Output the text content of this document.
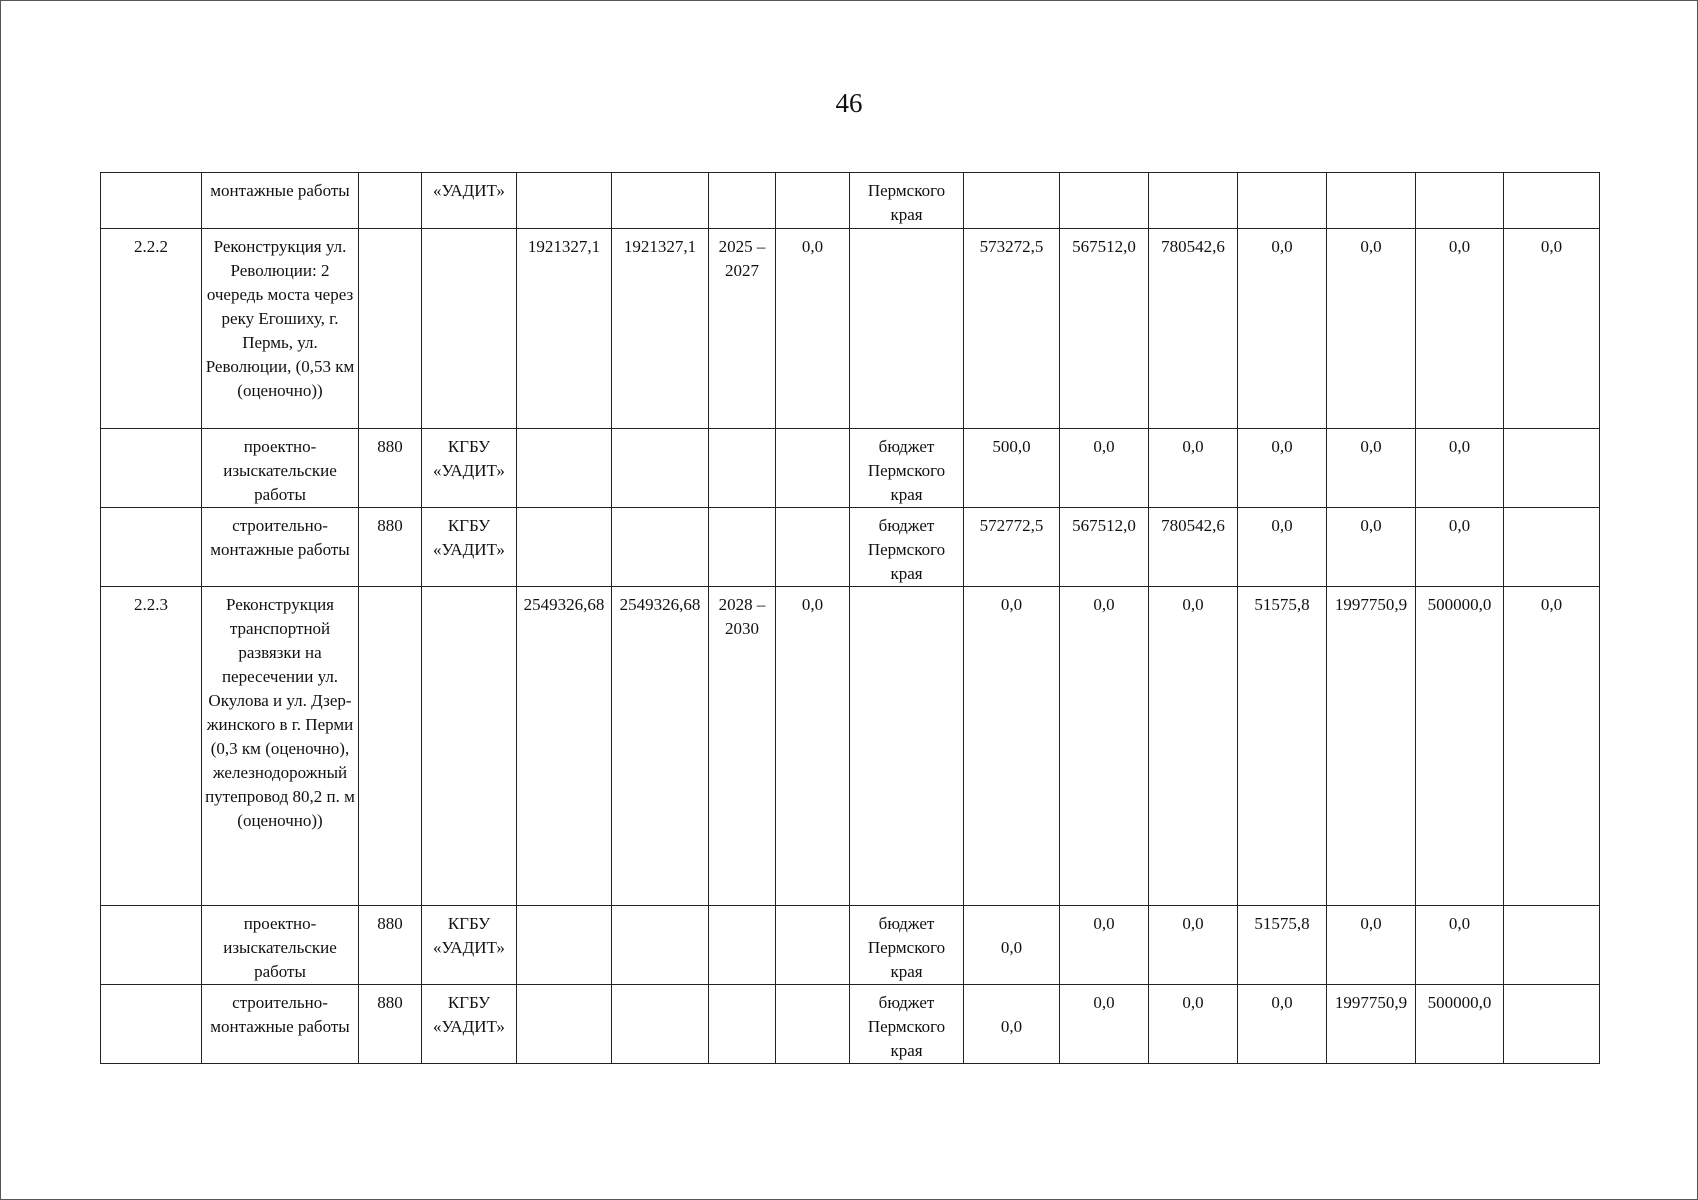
46
	монтажные работы		«УАДИТ»					Пермского края							
2.2.2	Реконструкция ул. Революции: 2 очередь моста через реку Егошиху, г. Пермь, ул. Революции, (0,53 км (оценочно))			1921327,1	1921327,1	2025 – 2027	0,0		573272,5	567512,0	780542,6	0,0	0,0	0,0	0,0
	проектно- изыскательские работы	880	КГБУ «УАДИТ»					бюджет Пермского края	500,0	0,0	0,0	0,0	0,0	0,0	
	строительно- монтажные работы	880	КГБУ «УАДИТ»					бюджет Пермского края	572772,5	567512,0	780542,6	0,0	0,0	0,0	
2.2.3	Реконструкция транспортной развязки на пересечении ул. Окулова и ул. Дзер- жинского в г. Перми (0,3 км (оценочно), железнодорожный путепровод 80,2 п. м (оценочно))			2549326,68	2549326,68	2028 – 2030	0,0		0,0	0,0	0,0	51575,8	1997750,9	500000,0	0,0
	проектно- изыскательские работы	880	КГБУ «УАДИТ»					бюджет Пермского края	0,0	0,0	0,0	51575,8	0,0	0,0	
	строительно- монтажные работы	880	КГБУ «УАДИТ»					бюджет Пермского края	0,0	0,0	0,0	0,0	1997750,9	500000,0	
